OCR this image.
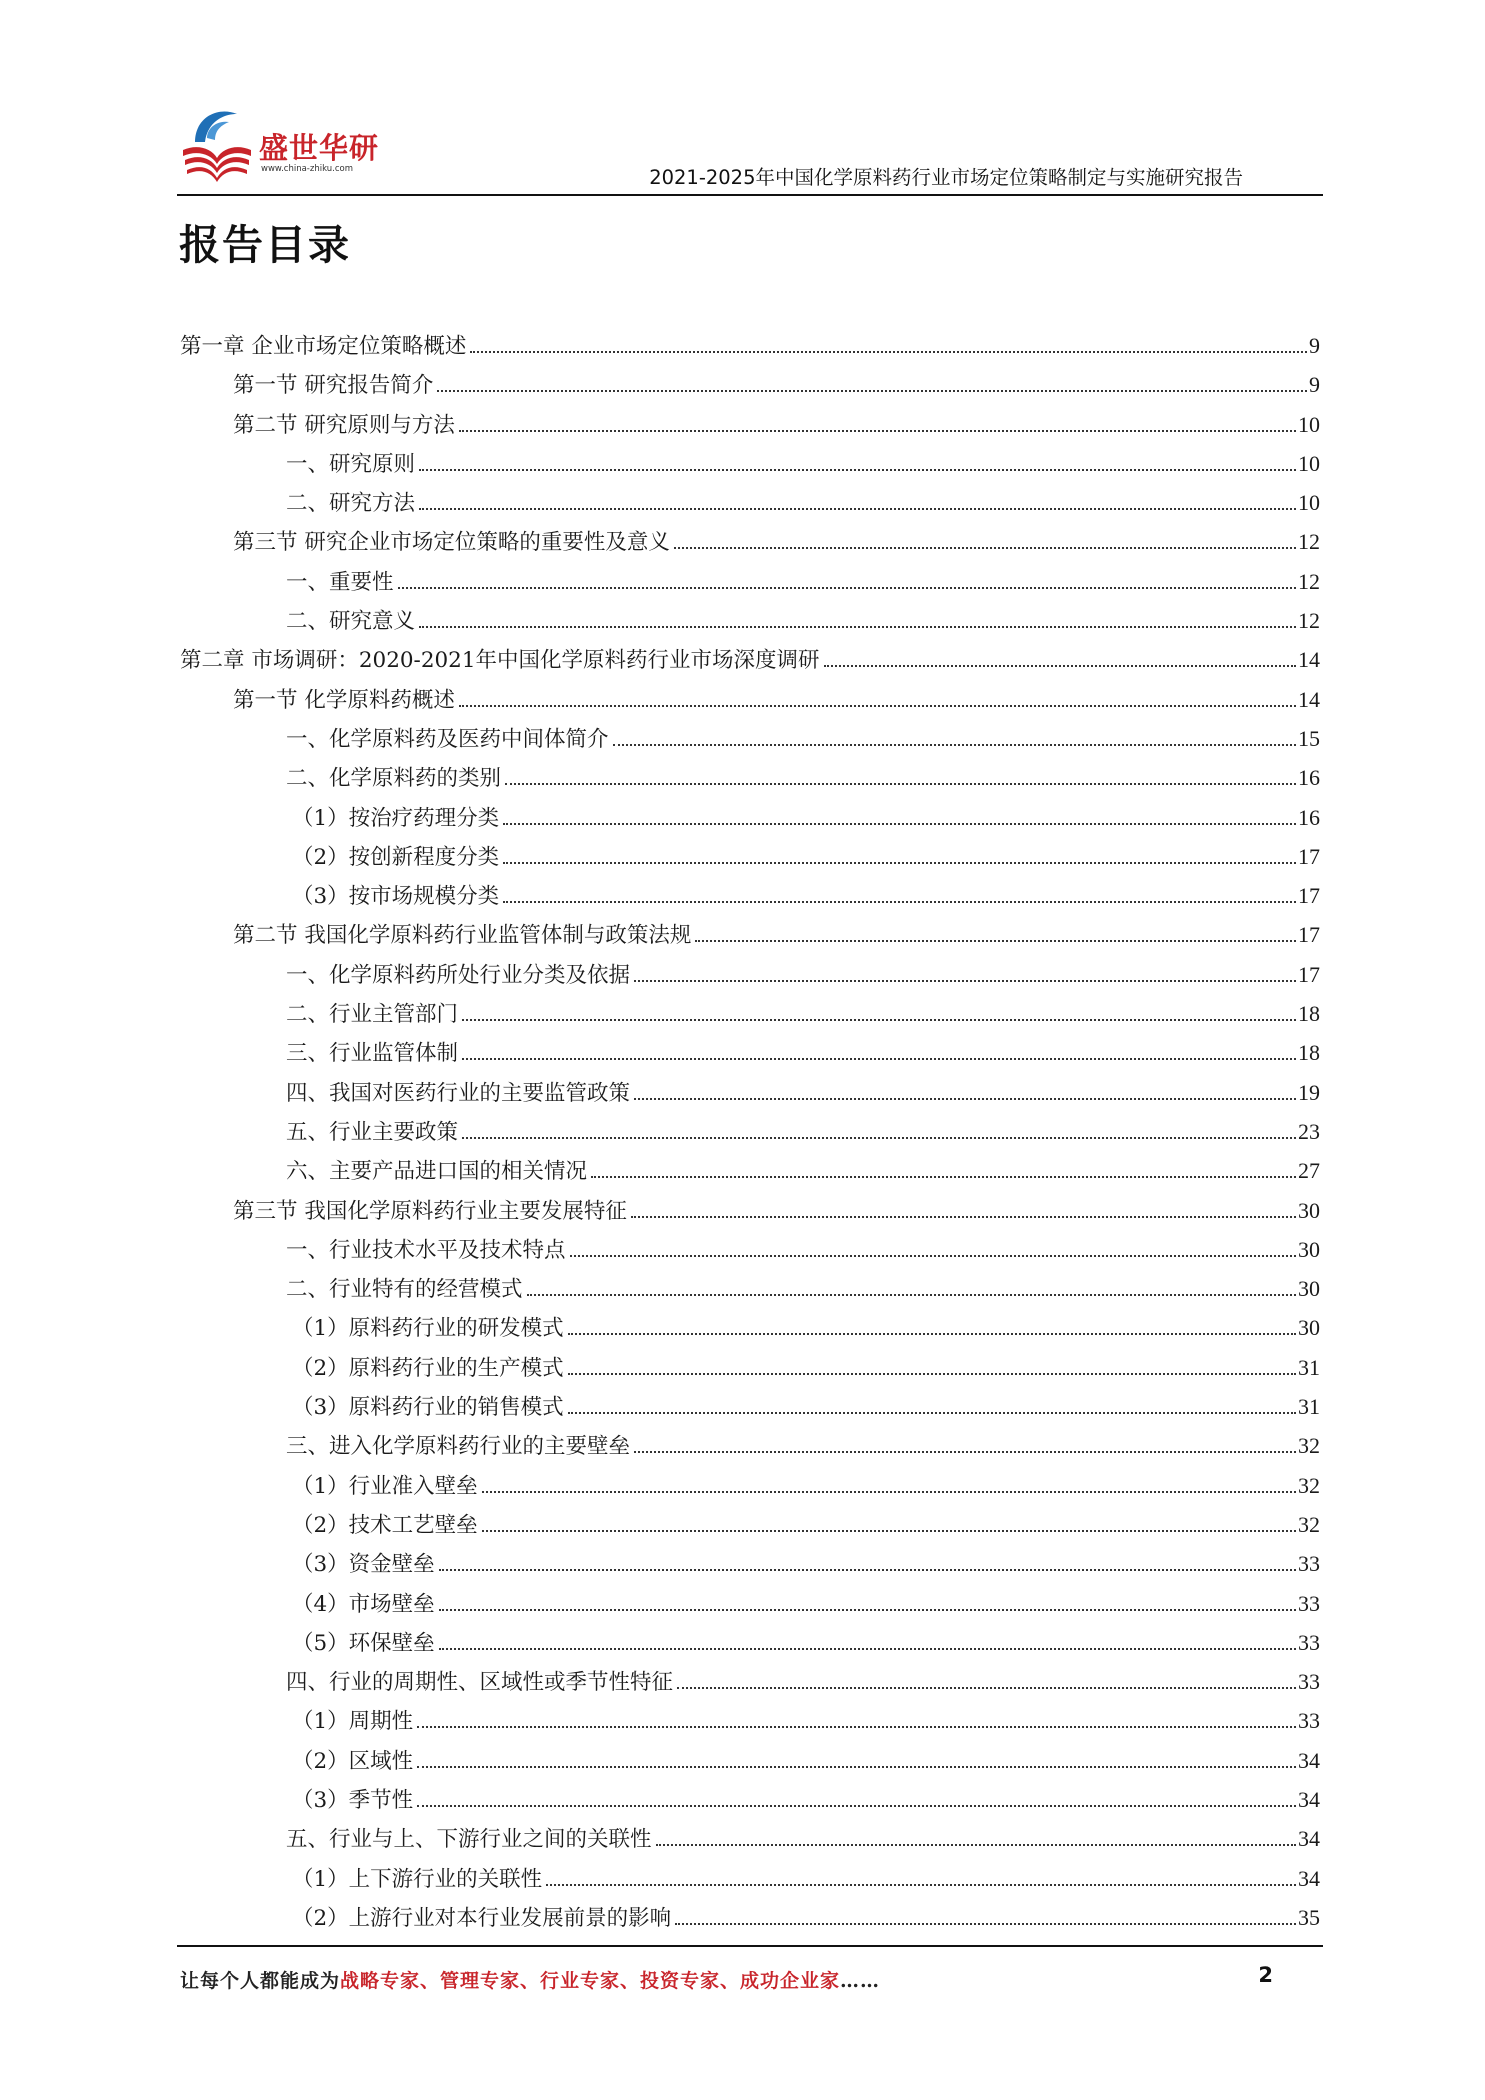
盛世华研
www.china-zhiku.com	2021-2025年中国化学原料药行业市场定位策略制定与实施研究报告
报告目录
第一章 企业市场定位策略概述	9
第一节 研究报告简介	9
第二节 研究原则与方法	10
一、研究原则	10
二、研究方法	10
第三节 研究企业市场定位策略的重要性及意义	12
一、重要性	12
二、研究意义	12
第二章 市场调研：2020-2021年中国化学原料药行业市场深度调研	14
第一节 化学原料药概述	14
一、化学原料药及医药中间体简介	15
二、化学原料药的类别	16
（1）按治疗药理分类	16
（2）按创新程度分类	17
（3）按市场规模分类	17
第二节 我国化学原料药行业监管体制与政策法规	17
一、化学原料药所处行业分类及依据	17
二、行业主管部门	18
三、行业监管体制	18
四、我国对医药行业的主要监管政策	19
五、行业主要政策	23
六、主要产品进口国的相关情况	27
第三节 我国化学原料药行业主要发展特征	30
一、行业技术水平及技术特点	30
二、行业特有的经营模式	30
（1）原料药行业的研发模式	30
（2）原料药行业的生产模式	31
（3）原料药行业的销售模式	31
三、进入化学原料药行业的主要壁垒	32
（1）行业准入壁垒	32
（2）技术工艺壁垒	32
（3）资金壁垒	33
（4）市场壁垒	33
（5）环保壁垒	33
四、行业的周期性、区域性或季节性特征	33
（1）周期性	33
（2）区域性	34
（3）季节性	34
五、行业与上、下游行业之间的关联性	34
（1）上下游行业的关联性	34
（2）上游行业对本行业发展前景的影响	35
让每个人都能成为战略专家、管理专家、行业专家、投资专家、成功企业家……	2
